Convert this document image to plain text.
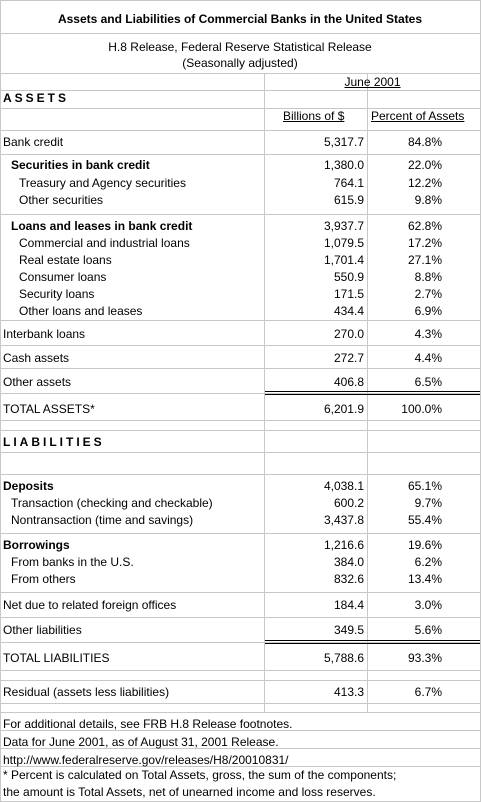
Assets and Liabilities of Commercial Banks in the United States
H.8 Release, Federal Reserve Statistical Release
(Seasonally adjusted)
June 2001
ASSETS
Billions of $ Percent of Assets
Bank credit	5,317.7	84.8%
Securities in bank credit	1,380.0	22.0%
Treasury and Agency securities	764.1	12.2%
Other securities	615.9	9.8%
Loans and leases in bank credit	3,937.7	62.8%
Commercial and industrial loans	1,079.5	17.2%
Real estate loans	1,701.4	27.1%
Consumer loans	550.9	8.8%
Security loans	171.5	2.7%
Other loans and leases	434.4	6.9%
Interbank loans	270.0	4.3%
Cash assets	272.7	4.4%
Other assets	406.8	6.5%
TOTAL ASSETS*	6,201.9	100.0%
LIABILITIES
Deposits	4,038.1	65.1%
Transaction (checking and checkable)	600.2	9.7%
Nontransaction (time and savings)	3,437.8	55.4%
Borrowings	1,216.6	19.6%
From banks in the U.S.	384.0	6.2%
From others	832.6	13.4%
Net due to related foreign offices	184.4	3.0%
Other liabilities	349.5	5.6%
TOTAL LIABILITIES	5,788.6	93.3%
Residual (assets less liabilities)	413.3	6.7%
For additional details, see FRB H.8 Release footnotes.
Data for June 2001, as of August 31, 2001 Release.
http://www.federalreserve.gov/releases/H8/20010831/
* Percent is calculated on Total Assets, gross, the sum of the components;
the amount is Total Assets, net of unearned income and loss reserves.
